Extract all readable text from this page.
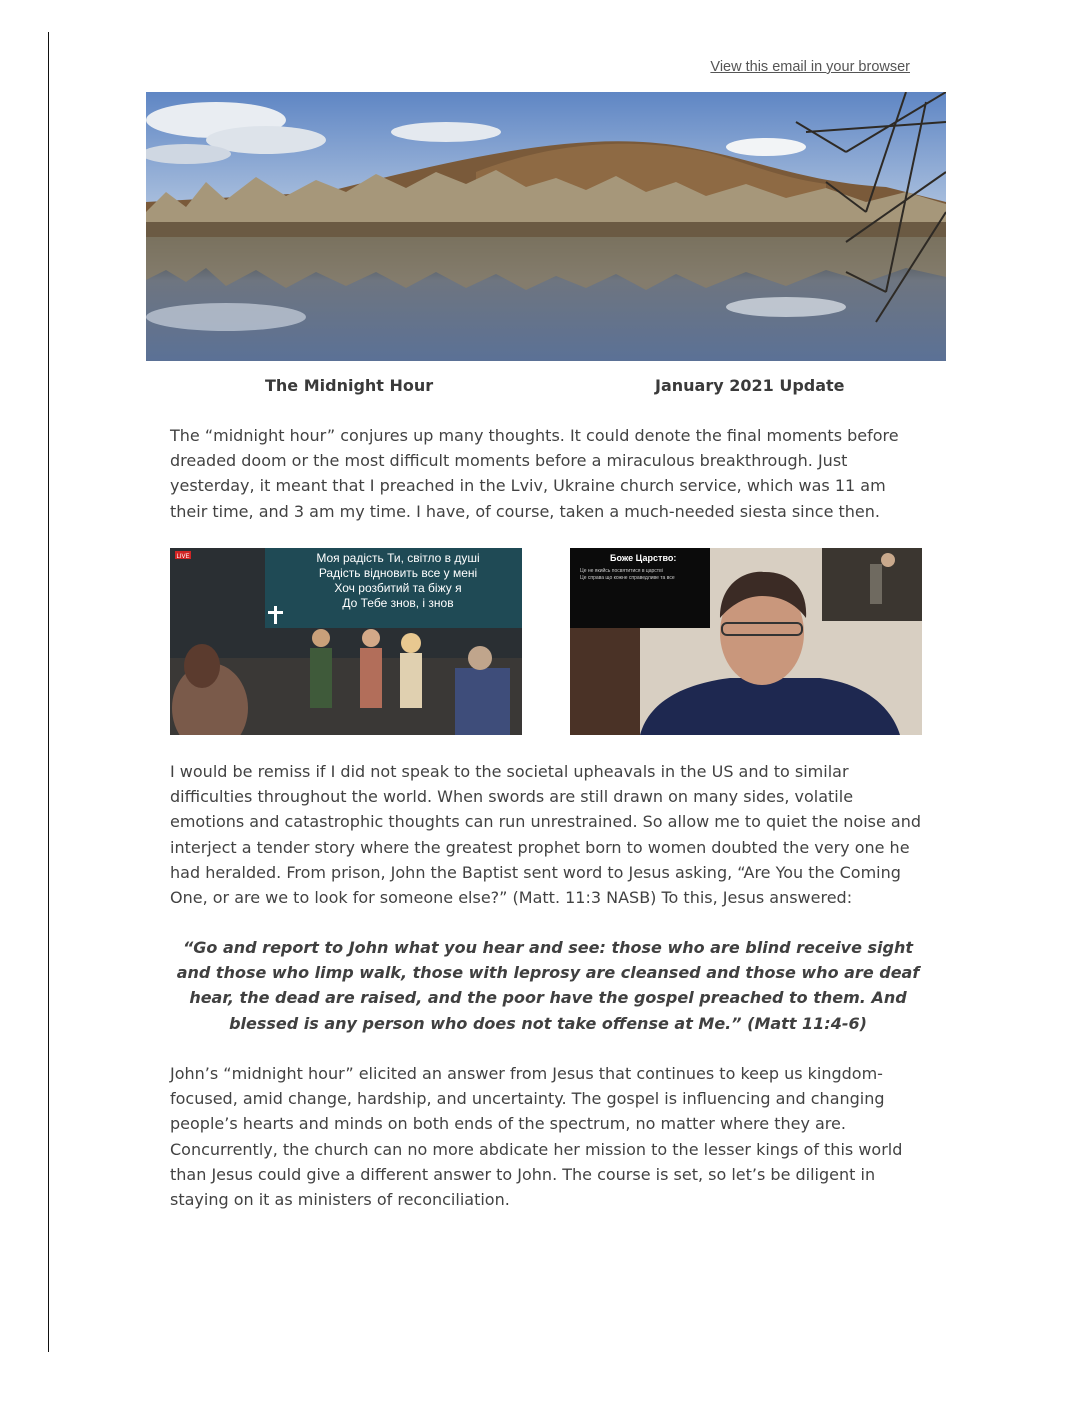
View this email in your browser
The Midnight Hour	January 2021 Update

The “midnight hour” conjures up many thoughts. It could denote the final moments before dreaded doom or the most difficult moments before a miraculous breakthrough. Just yesterday, it meant that I preached in the Lviv, Ukraine church service, which was 11 am their time, and 3 am my time. I have, of course, taken a much-needed siesta since then.

LIVE	Моя радість Ти, світло в душі
Радість відновить все у мені
Хоч розбитий та біжу я
До Тебе знов, і знов
Боже Царство:
Це не якийсь посвятитися в царстві
Це справа що кожне справедливе та все

I would be remiss if I did not speak to the societal upheavals in the US and to similar difficulties throughout the world. When swords are still drawn on many sides, volatile emotions and catastrophic thoughts can run unrestrained. So allow me to quiet the noise and interject a tender story where the greatest prophet born to women doubted the very one he had heralded. From prison, John the Baptist sent word to Jesus asking, “Are You the Coming One, or are we to look for someone else?” (Matt. 11:3 NASB) To this, Jesus answered:

“Go and report to John what you hear and see: those who are blind receive sight and those who limp walk, those with leprosy are cleansed and those who are deaf hear, the dead are raised, and the poor have the gospel preached to them. And blessed is any person who does not take offense at Me.” (Matt 11:4-6)

John’s “midnight hour” elicited an answer from Jesus that continues to keep us kingdom-focused, amid change, hardship, and uncertainty. The gospel is influencing and changing people’s hearts and minds on both ends of the spectrum, no matter where they are. Concurrently, the church can no more abdicate her mission to the lesser kings of this world than Jesus could give a different answer to John. The course is set, so let’s be diligent in staying on it as ministers of reconciliation.
